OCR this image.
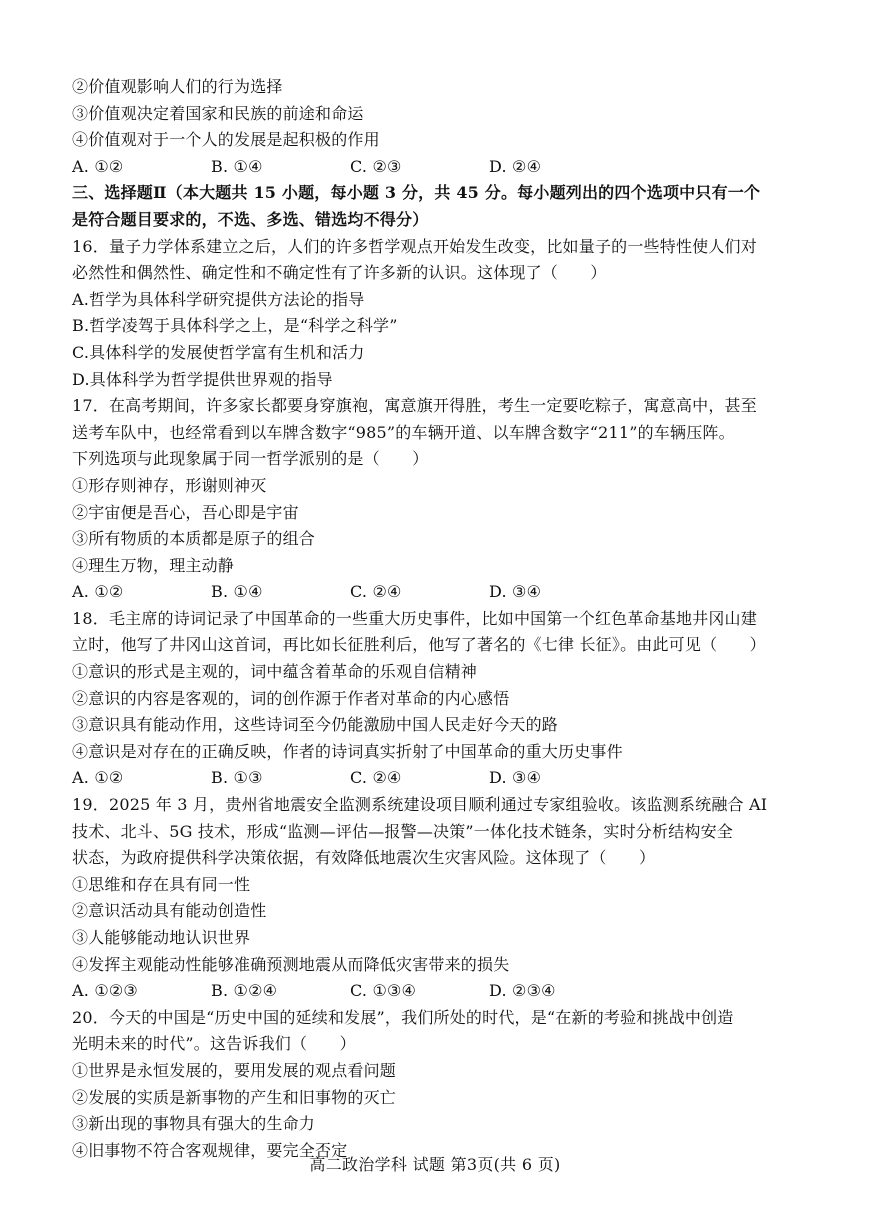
②价值观影响人们的行为选择
③价值观决定着国家和民族的前途和命运
④价值观对于一个人的发展是起积极的作用
A. ①②	B. ①④	C. ②③	D. ②④
三、选择题Ⅱ（本大题共 15 小题，每小题 3 分，共 45 分。每小题列出的四个选项中只有一个
是符合题目要求的，不选、多选、错选均不得分）
16．量子力学体系建立之后，人们的许多哲学观点开始发生改变，比如量子的一些特性使人们对
必然性和偶然性、确定性和不确定性有了许多新的认识。这体现了（　　）
A.哲学为具体科学研究提供方法论的指导
B.哲学凌驾于具体科学之上，是“科学之科学”
C.具体科学的发展使哲学富有生机和活力
D.具体科学为哲学提供世界观的指导
17．在高考期间，许多家长都要身穿旗袍，寓意旗开得胜，考生一定要吃粽子，寓意高中，甚至
送考车队中，也经常看到以车牌含数字“985”的车辆开道、以车牌含数字“211”的车辆压阵。
下列选项与此现象属于同一哲学派别的是（　　）
①形存则神存，形谢则神灭
②宇宙便是吾心，吾心即是宇宙
③所有物质的本质都是原子的组合
④理生万物，理主动静
A. ①②	B. ①④	C. ②④	D. ③④
18．毛主席的诗词记录了中国革命的一些重大历史事件，比如中国第一个红色革命基地井冈山建
立时，他写了井冈山这首词，再比如长征胜利后，他写了著名的《七律 长征》。由此可见（　　）
①意识的形式是主观的，词中蕴含着革命的乐观自信精神
②意识的内容是客观的，词的创作源于作者对革命的内心感悟
③意识具有能动作用，这些诗词至今仍能激励中国人民走好今天的路
④意识是对存在的正确反映，作者的诗词真实折射了中国革命的重大历史事件
A. ①②	B. ①③	C. ②④	D. ③④
19．2025 年 3 月，贵州省地震安全监测系统建设项目顺利通过专家组验收。该监测系统融合 AI
技术、北斗、5G 技术，形成“监测—评估—报警—决策”一体化技术链条，实时分析结构安全
状态，为政府提供科学决策依据，有效降低地震次生灾害风险。这体现了（　　）
①思维和存在具有同一性
②意识活动具有能动创造性
③人能够能动地认识世界
④发挥主观能动性能够准确预测地震从而降低灾害带来的损失
A. ①②③	B. ①②④	C. ①③④	D. ②③④
20．今天的中国是“历史中国的延续和发展”，我们所处的时代，是“在新的考验和挑战中创造
光明未来的时代”。这告诉我们（　　）
①世界是永恒发展的，要用发展的观点看问题
②发展的实质是新事物的产生和旧事物的灭亡
③新出现的事物具有强大的生命力
④旧事物不符合客观规律，要完全否定
高二政治学科 试题 第3页(共 6 页)
